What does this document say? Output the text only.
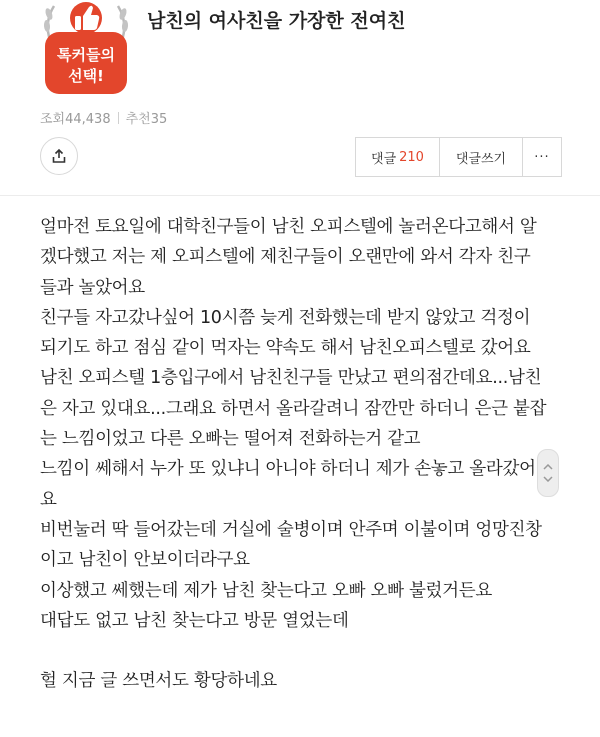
톡커들의
선택!
남친의 여사친을 가장한 전여친
조회44,438 추천35
댓글 210	댓글쓰기	···

얼마전 토요일에 대학친구들이 남친 오피스텔에 놀러온다고해서 알

겠다했고 저는 제 오피스텔에 제친구들이 오랜만에 와서 각자 친구

들과 놀았어요

친구들 자고갔나싶어 10시쯤 늦게 전화했는데 받지 않았고 걱정이

되기도 하고 점심 같이 먹자는 약속도 해서 남친오피스텔로 갔어요

남친 오피스텔 1층입구에서 남친친구들 만났고 편의점간데요...남친

은 자고 있대요...그래요 하면서 올라갈려니 잠깐만 하더니 은근 붙잡

는 느낌이었고 다른 오빠는 떨어져 전화하는거 같고

느낌이 쎄해서 누가 또 있냐니 아니야 하더니 제가 손놓고 올라갔어

요

비번눌러 딱 들어갔는데 거실에 술병이며 안주며 이불이며 엉망진창

이고 남친이 안보이더라구요

이상했고 쎄했는데 제가 남친 찾는다고 오빠 오빠 불렀거든요

대답도 없고 남친 찾는다고 방문 열었는데

헐 지금 글 쓰면서도 황당하네요
